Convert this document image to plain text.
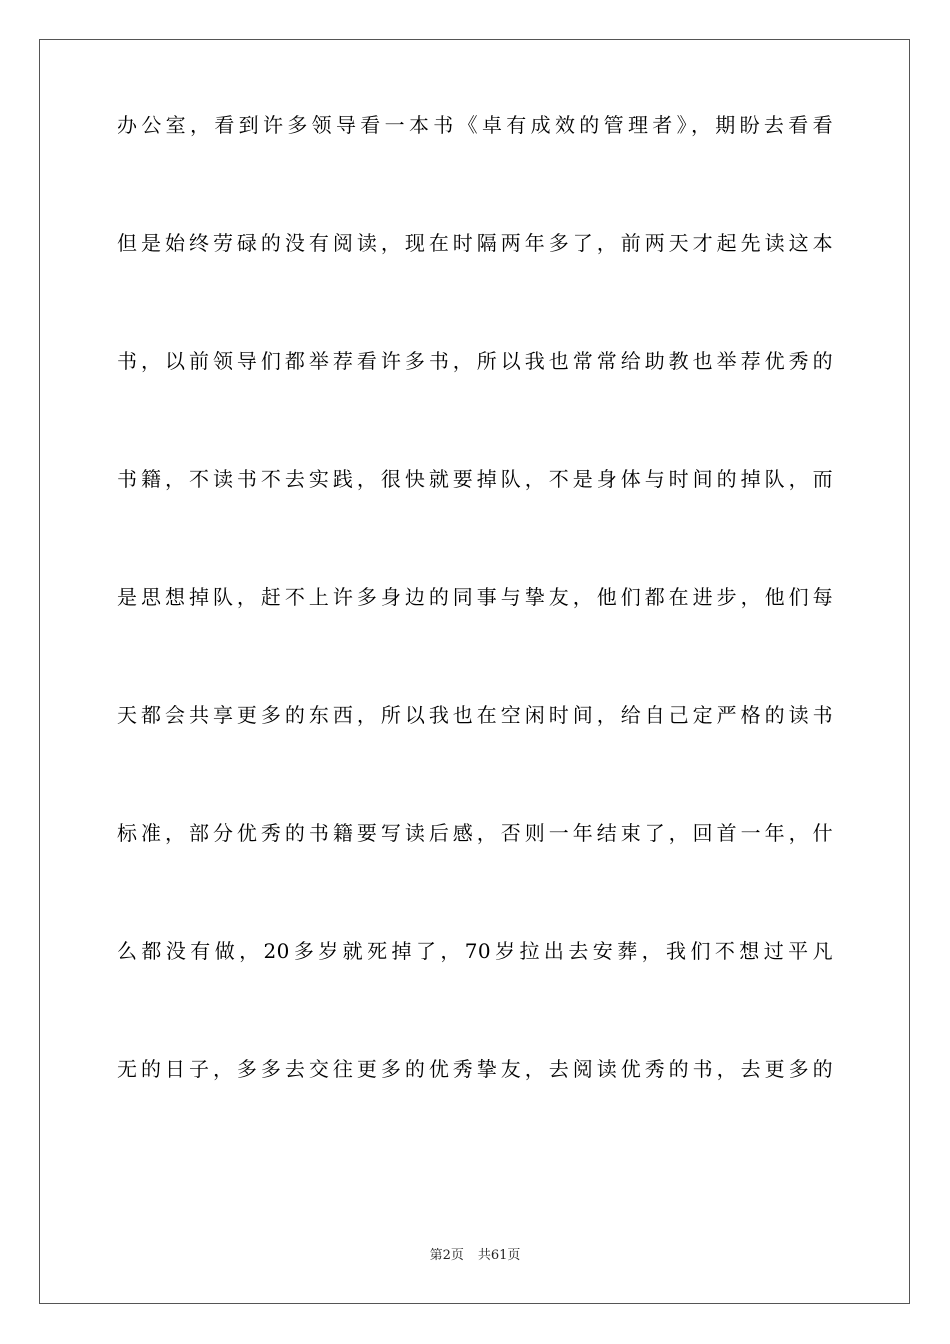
办公室，看到许多领导看一本书《卓有成效的管理者》，期盼去看看
但是始终劳碌的没有阅读，现在时隔两年多了，前两天才起先读这本
书，以前领导们都举荐看许多书，所以我也常常给助教也举荐优秀的
书籍，不读书不去实践，很快就要掉队，不是身体与时间的掉队，而
是思想掉队，赶不上许多身边的同事与挚友，他们都在进步，他们每
天都会共享更多的东西，所以我也在空闲时间，给自己定严格的读书
标准，部分优秀的书籍要写读后感，否则一年结束了，回首一年，什
么都没有做，20多岁就死掉了，70岁拉出去安葬，我们不想过平凡
无的日子，多多去交往更多的优秀挚友，去阅读优秀的书，去更多的
第2页 共61页
